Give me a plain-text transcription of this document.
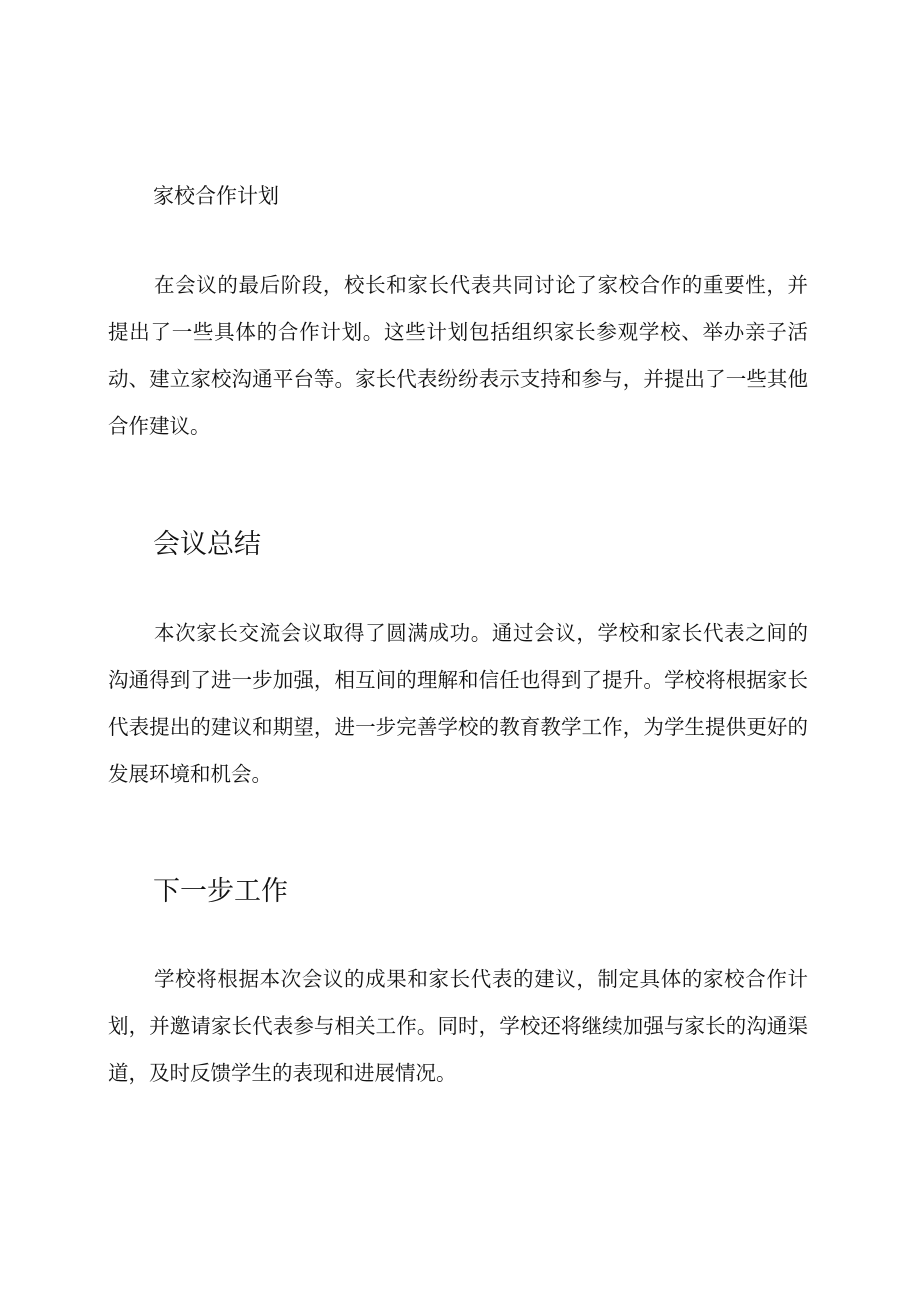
家校合作计划

在会议的最后阶段，校长和家长代表共同讨论了家校合作的重要性，并提出了一些具体的合作计划。这些计划包括组织家长参观学校、举办亲子活动、建立家校沟通平台等。家长代表纷纷表示支持和参与，并提出了一些其他合作建议。

会议总结

本次家长交流会议取得了圆满成功。通过会议，学校和家长代表之间的沟通得到了进一步加强，相互间的理解和信任也得到了提升。学校将根据家长代表提出的建议和期望，进一步完善学校的教育教学工作，为学生提供更好的发展环境和机会。

下一步工作

学校将根据本次会议的成果和家长代表的建议，制定具体的家校合作计划，并邀请家长代表参与相关工作。同时，学校还将继续加强与家长的沟通渠道，及时反馈学生的表现和进展情况。
